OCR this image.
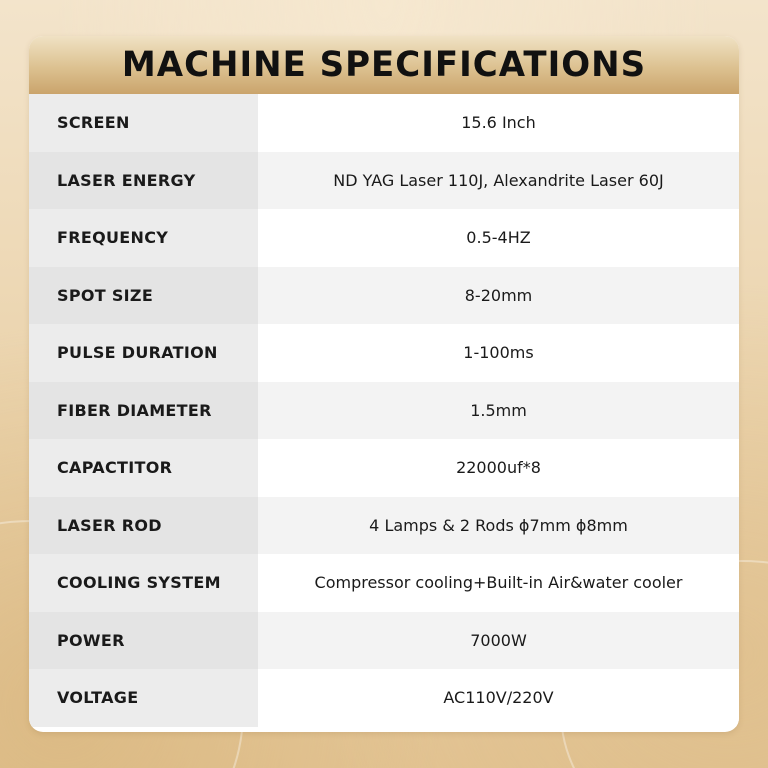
MACHINE SPECIFICATIONS
SCREEN	15.6 Inch
LASER ENERGY	ND YAG Laser 110J, Alexandrite Laser 60J
FREQUENCY	0.5-4HZ
SPOT SIZE	8-20mm
PULSE DURATION	1-100ms
FIBER DIAMETER	1.5mm
CAPACTITOR	22000uf*8
LASER ROD	4 Lamps & 2 Rods ϕ7mm ϕ8mm
COOLING SYSTEM	Compressor cooling+Built-in Air&water cooler
POWER	7000W
VOLTAGE	AC110V/220V
